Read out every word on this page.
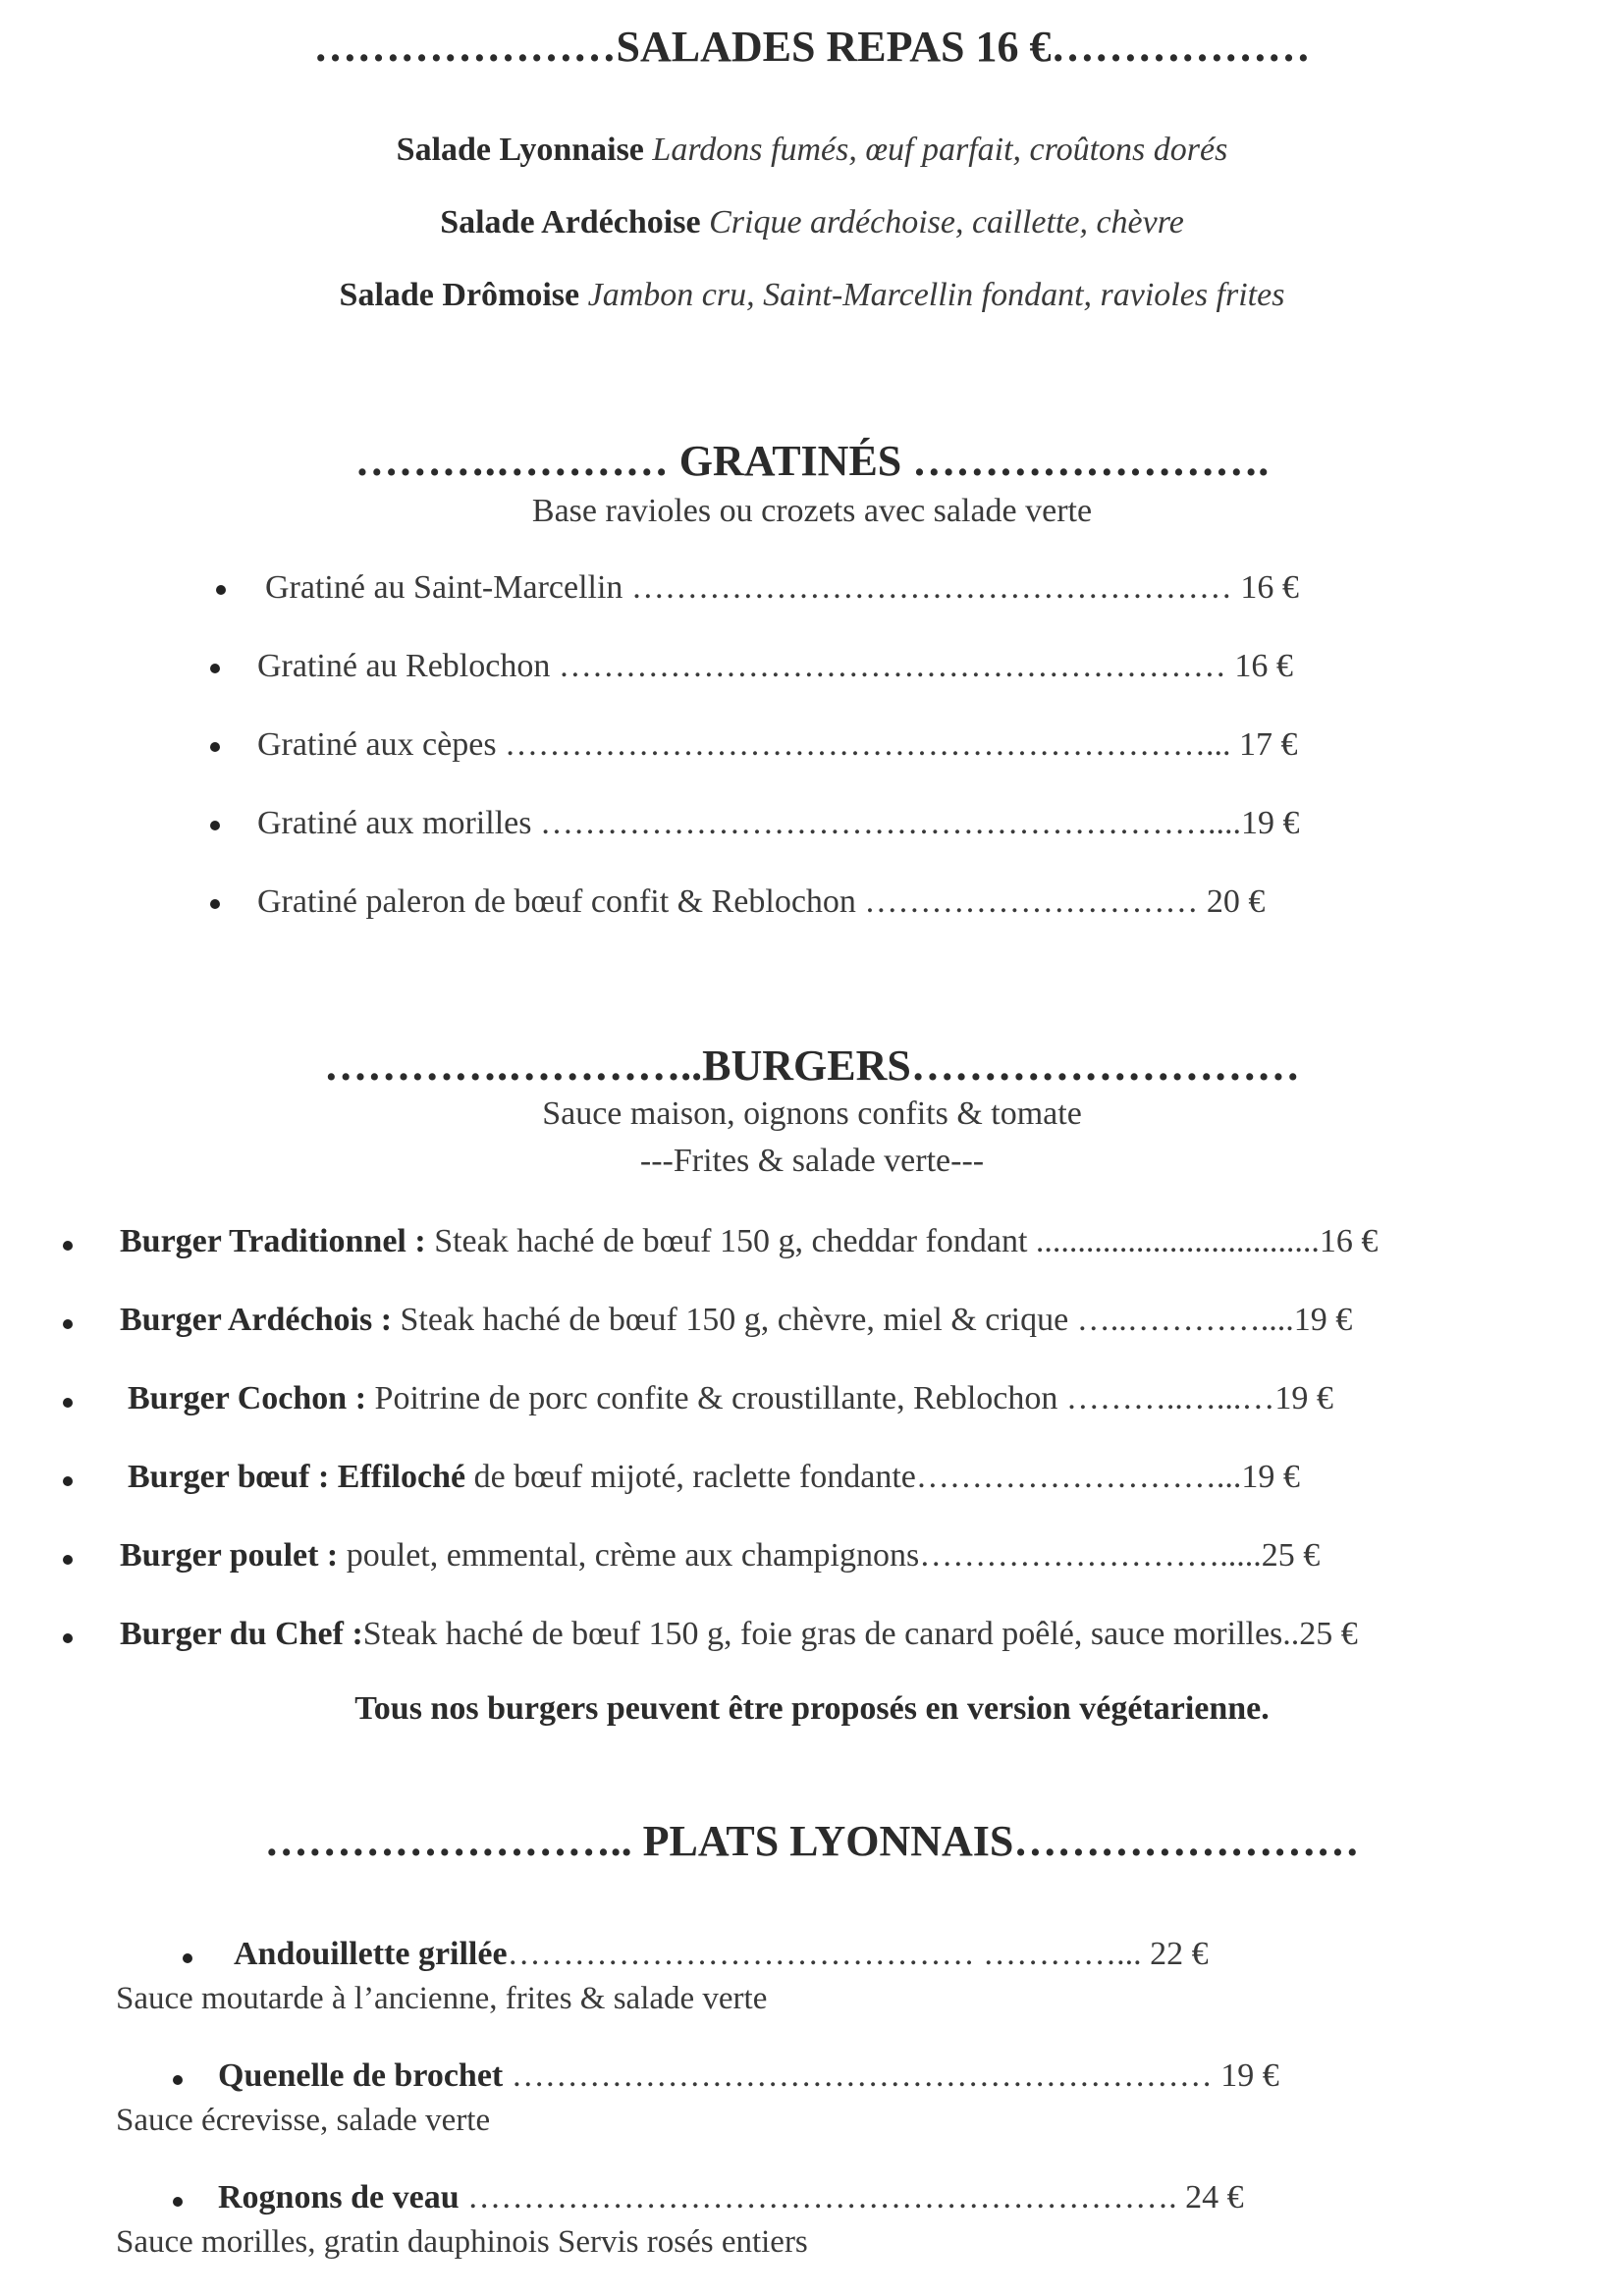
…………………SALADES REPAS 16 €………………
Salade Lyonnaise Lardons fumés, œuf parfait, croûtons dorés
Salade Ardéchoise Crique ardéchoise, caillette, chèvre
Salade Drômoise Jambon cru, Saint-Marcellin fondant, ravioles frites
……….………… GRATINÉS …………………….
Base ravioles ou crozets avec salade verte
Gratiné au Saint-Marcellin ……………………………………………… 16 €
Gratiné au Reblochon …………………………………………………… 16 €
Gratiné aux cèpes ………………………………………………………... 17 €
Gratiné aux morilles ……………………………………………………....19 €
Gratiné paleron de bœuf confit & Reblochon ………………………… 20 €
………….…………..BURGERS………………………
Sauce maison, oignons confits & tomate
---Frites & salade verte---
Burger Traditionnel : Steak haché de bœuf 150 g, cheddar fondant ..................................16 €
Burger Ardéchois : Steak haché de bœuf 150 g, chèvre, miel & crique …..…………....19 €
Burger Cochon : Poitrine de porc confite & croustillante, Reblochon ………..…...…19 €
Burger bœuf : Effiloché de bœuf mijoté, raclette fondante………………………...19 €
Burger poulet : poulet, emmental, crème aux champignons……………………….....25 €
Burger du Chef :Steak haché de bœuf 150 g, foie gras de canard poêlé, sauce morilles..25 €
Tous nos burgers peuvent être proposés en version végétarienne.
…………………….. PLATS LYONNAIS……………………
Andouillette grillée…………………………………… …………... 22 €
Sauce moutarde à l’ancienne, frites & salade verte
Quenelle de brochet ……………………………………………………… 19 €
Sauce écrevisse, salade verte
Rognons de veau ………………………………………………………. 24 €
Sauce morilles, gratin dauphinois Servis rosés entiers
